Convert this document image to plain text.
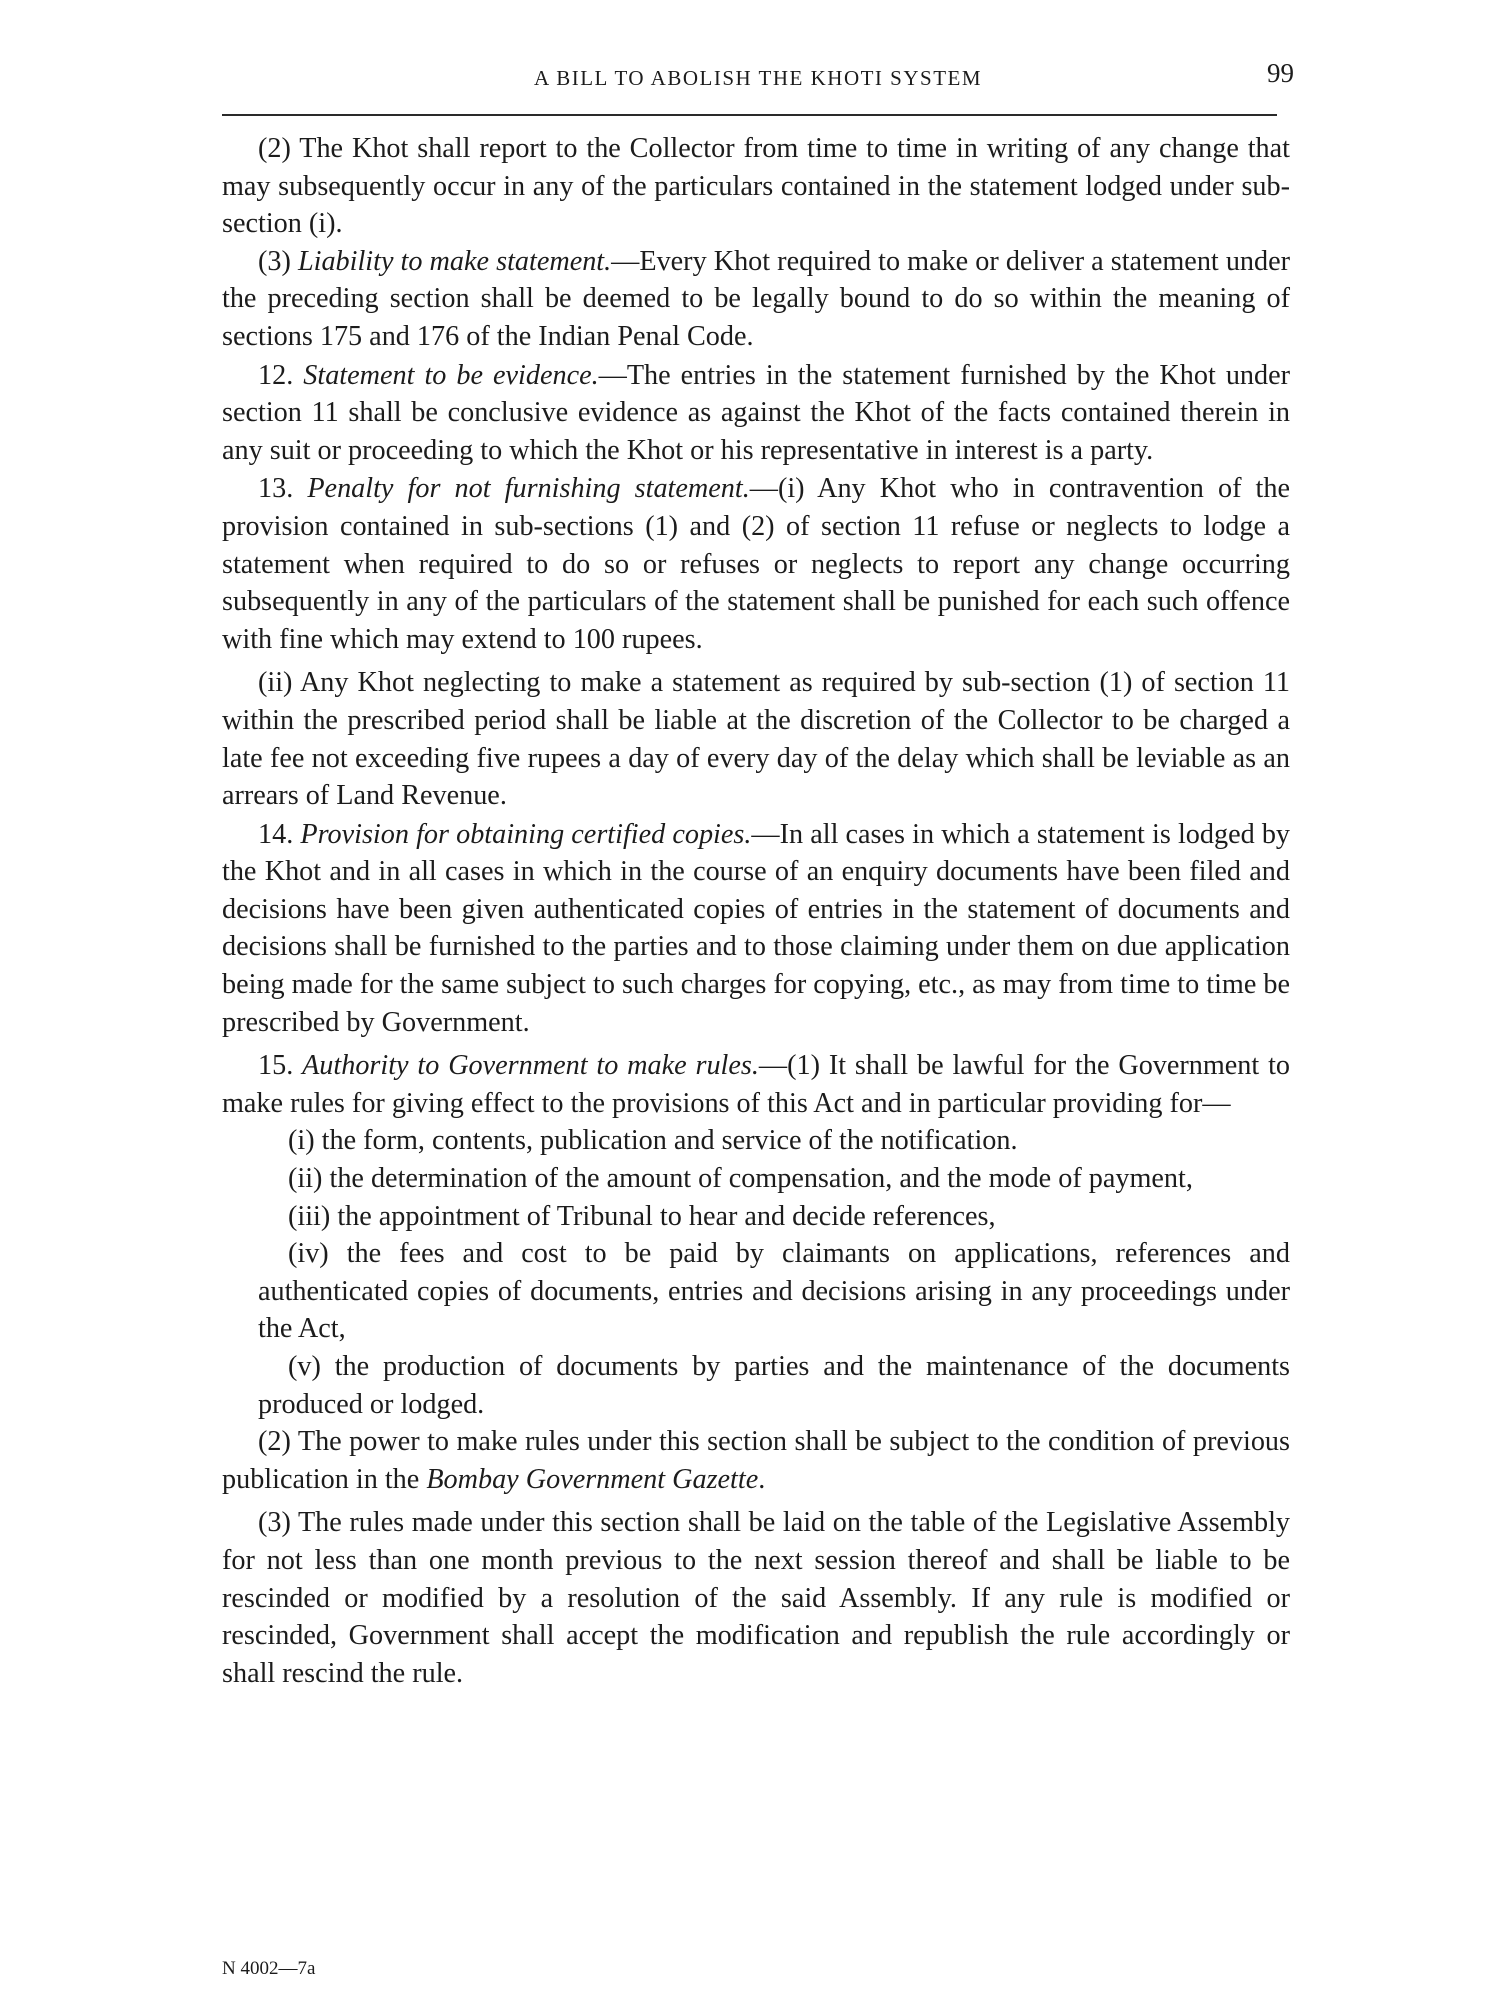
A BILL TO ABOLISH THE KHOTI SYSTEM	99

(2) The Khot shall report to the Collector from time to time in writing of any change that may subsequently occur in any of the particulars contained in the statement lodged under sub-section (i).

(3) Liability to make statement.—Every Khot required to make or deliver a statement under the preceding section shall be deemed to be legally bound to do so within the meaning of sections 175 and 176 of the Indian Penal Code.

12. Statement to be evidence.—The entries in the statement furnished by the Khot under section 11 shall be conclusive evidence as against the Khot of the facts contained therein in any suit or proceeding to which the Khot or his representative in interest is a party.

13. Penalty for not furnishing statement.—(i) Any Khot who in contravention of the provision contained in sub-sections (1) and (2) of section 11 refuse or neglects to lodge a statement when required to do so or refuses or neglects to report any change occurring subsequently in any of the particulars of the statement shall be punished for each such offence with fine which may extend to 100 rupees.

(ii) Any Khot neglecting to make a statement as required by sub-section (1) of section 11 within the prescribed period shall be liable at the discretion of the Collector to be charged a late fee not exceeding five rupees a day of every day of the delay which shall be leviable as an arrears of Land Revenue.

14. Provision for obtaining certified copies.—In all cases in which a statement is lodged by the Khot and in all cases in which in the course of an enquiry documents have been filed and decisions have been given authenticated copies of entries in the statement of documents and decisions shall be furnished to the parties and to those claiming under them on due application being made for the same subject to such charges for copying, etc., as may from time to time be prescribed by Government.

15. Authority to Government to make rules.—(1) It shall be lawful for the Government to make rules for giving effect to the provisions of this Act and in particular providing for—

(i) the form, contents, publication and service of the notification.

(ii) the determination of the amount of compensation, and the mode of payment,

(iii) the appointment of Tribunal to hear and decide references,

(iv) the fees and cost to be paid by claimants on applications, references and authenticated copies of documents, entries and decisions arising in any proceedings under the Act,

(v) the production of documents by parties and the maintenance of the documents produced or lodged.

(2) The power to make rules under this section shall be subject to the condition of previous publication in the Bombay Government Gazette.

(3) The rules made under this section shall be laid on the table of the Legislative Assembly for not less than one month previous to the next session thereof and shall be liable to be rescinded or modified by a resolution of the said Assembly. If any rule is modified or rescinded, Government shall accept the modification and republish the rule accordingly or shall rescind the rule.

N 4002—7a
